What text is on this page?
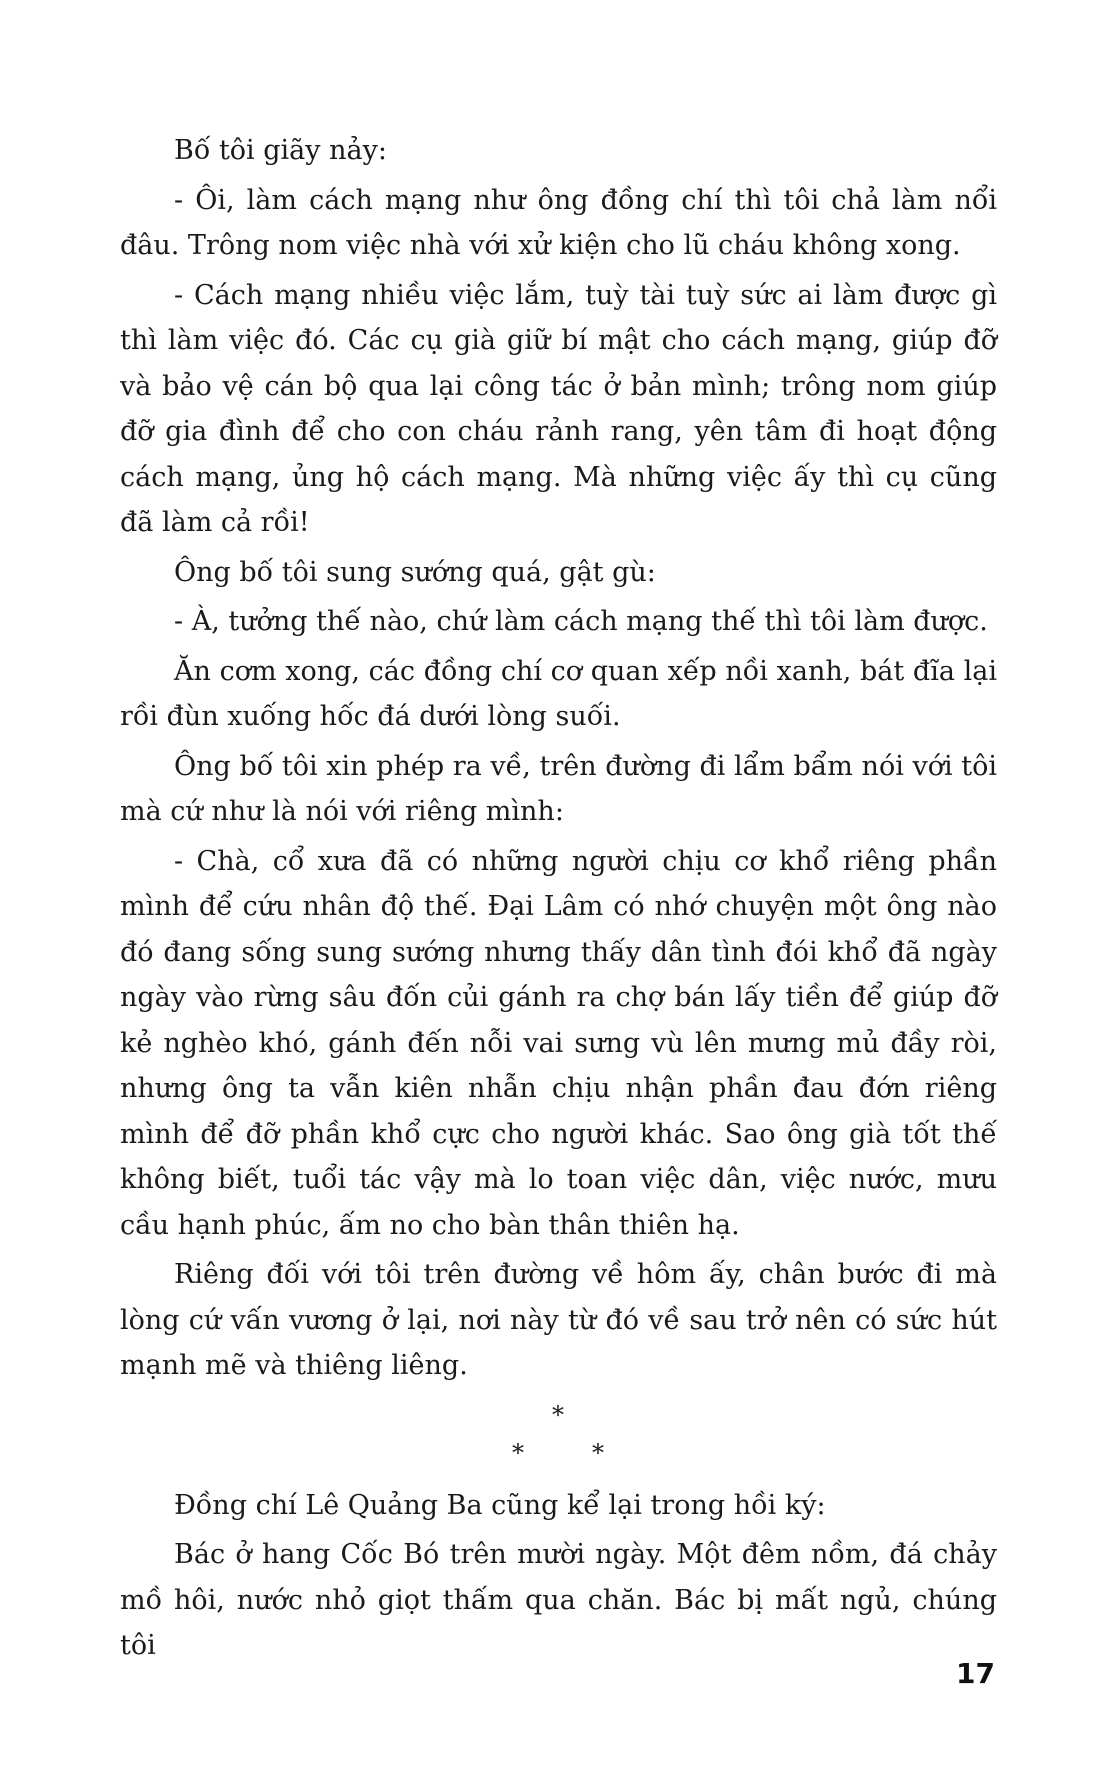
Bố tôi giãy nảy:

- Ôi, làm cách mạng như ông đồng chí thì tôi chả làm nổi đâu. Trông nom việc nhà với xử kiện cho lũ cháu không xong.

- Cách mạng nhiều việc lắm, tuỳ tài tuỳ sức ai làm được gì thì làm việc đó. Các cụ già giữ bí mật cho cách mạng, giúp đỡ và bảo vệ cán bộ qua lại công tác ở bản mình; trông nom giúp đỡ gia đình để cho con cháu rảnh rang, yên tâm đi hoạt động cách mạng, ủng hộ cách mạng. Mà những việc ấy thì cụ cũng đã làm cả rồi!

Ông bố tôi sung sướng quá, gật gù:

- À, tưởng thế nào, chứ làm cách mạng thế thì tôi làm được.

Ăn cơm xong, các đồng chí cơ quan xếp nồi xanh, bát đĩa lại rồi đùn xuống hốc đá dưới lòng suối.

Ông bố tôi xin phép ra về, trên đường đi lẩm bẩm nói với tôi mà cứ như là nói với riêng mình:

- Chà, cổ xưa đã có những người chịu cơ khổ riêng phần mình để cứu nhân độ thế. Đại Lâm có nhớ chuyện một ông nào đó đang sống sung sướng nhưng thấy dân tình đói khổ đã ngày ngày vào rừng sâu đốn củi gánh ra chợ bán lấy tiền để giúp đỡ kẻ nghèo khó, gánh đến nỗi vai sưng vù lên mưng mủ đầy ròi, nhưng ông ta vẫn kiên nhẫn chịu nhận phần đau đớn riêng mình để đỡ phần khổ cực cho người khác. Sao ông già tốt thế không biết, tuổi tác vậy mà lo toan việc dân, việc nước, mưu cầu hạnh phúc, ấm no cho bàn thân thiên hạ.

Riêng đối với tôi trên đường về hôm ấy, chân bước đi mà lòng cứ vấn vương ở lại, nơi này từ đó về sau trở nên có sức hút mạnh mẽ và thiêng liêng.

*
*	*

Đồng chí Lê Quảng Ba cũng kể lại trong hồi ký:

Bác ở hang Cốc Bó trên mười ngày. Một đêm nồm, đá chảy mồ hôi, nước nhỏ giọt thấm qua chăn. Bác bị mất ngủ, chúng tôi

17
